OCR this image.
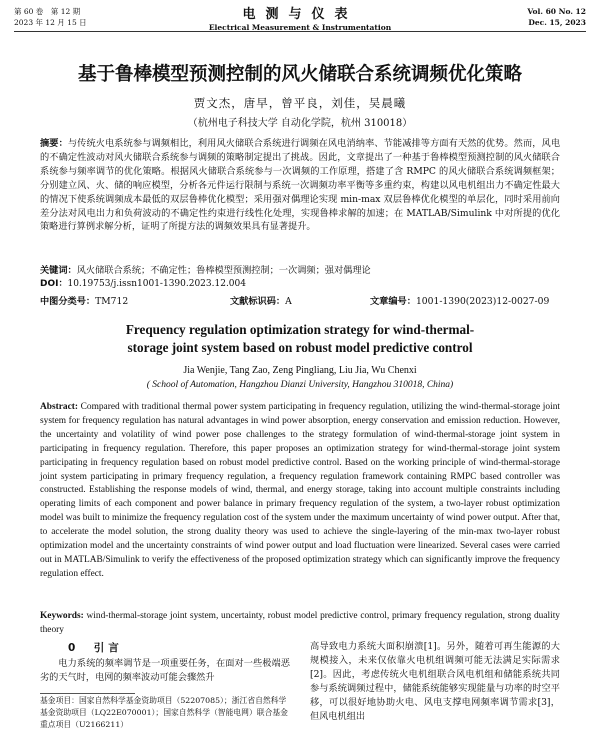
第 60 卷　第 12 期
2023 年 12 月 15 日
电测与仪表
Electrical Measurement & Instrumentation
Vol. 60 No. 12
Dec. 15, 2023
基于鲁棒模型预测控制的风火储联合系统调频优化策略
贾文杰，唐早，曾平良，刘佳，吴晨曦
（杭州电子科技大学 自动化学院，杭州 310018）
摘要：与传统火电系统参与调频相比，利用风火储联合系统进行调频在风电消纳率、节能减排等方面有天然的优势。然而，风电的不确定性波动对风火储联合系统参与调频的策略制定提出了挑战。因此，文章提出了一种基于鲁棒模型预测控制的风火储联合系统参与频率调节的优化策略。根据风火储联合系统参与一次调频的工作原理，搭建了含 RMPC 的风火储联合系统调频框架；分别建立风、火、储的响应模型，分析各元件运行限制与系统一次调频功率平衡等多重约束，构建以风电机组出力不确定性最大的情况下使系统调频成本最低的双层鲁棒优化模型；采用强对偶理论实现 min-max 双层鲁棒优化模型的单层化，同时采用前向差分法对风电出力和负荷波动的不确定性约束进行线性化处理，实现鲁棒求解的加速；在 MATLAB/Simulink 中对所提的优化策略进行算例求解分析，证明了所提方法的调频效果具有显著提升。
关键词：风火储联合系统；不确定性；鲁棒模型预测控制；一次调频；强对偶理论
DOI：10.19753/j.issn1001-1390.2023.12.004
中图分类号：TM712	文献标识码：A	文章编号：1001-1390(2023)12-0027-09
Frequency regulation optimization strategy for wind-thermal-storage joint system based on robust model predictive control
Jia Wenjie, Tang Zao, Zeng Pingliang, Liu Jia, Wu Chenxi
( School of Automation, Hangzhou Dianzi University, Hangzhou 310018, China)
Abstract: Compared with traditional thermal power system participating in frequency regulation, utilizing the wind-thermal-storage joint system for frequency regulation has natural advantages in wind power absorption, energy conservation and emission reduction. However, the uncertainty and volatility of wind power pose challenges to the strategy formulation of wind-thermal-storage joint system in participating in frequency regulation. Therefore, this paper proposes an optimization strategy for wind-thermal-storage joint system participating in frequency regulation based on robust model predictive control. Based on the working principle of wind-thermal-storage joint system participating in primary frequency regulation, a frequency regulation framework containing RMPC based controller was constructed. Establishing the response models of wind, thermal, and energy storage, taking into account multiple constraints including operating limits of each component and power balance in primary frequency regulation of the system, a two-layer robust optimization model was built to minimize the frequency regulation cost of the system under the maximum uncertainty of wind power output. After that, to accelerate the model solution, the strong duality theory was used to achieve the single-layering of the min-max two-layer robust optimization model and the uncertainty constraints of wind power output and load fluctuation were linearized. Several cases were carried out in MATLAB/Simulink to verify the effectiveness of the proposed optimization strategy which can significantly improve the frequency regulation effect.
Keywords: wind-thermal-storage joint system, uncertainty, robust model predictive control, primary frequency regulation, strong duality theory
0　引言
电力系统的频率调节是一项重要任务，在面对一些极端恶劣的天气时，电网的频率波动可能会骤然升
高导致电力系统大面积崩溃[1]。另外，随着可再生能源的大规模接入，未来仅依靠火电机组调频可能无法满足实际需求[2]。因此，考虑传统火电机组联合风电机组和储能系统共同参与系统调频过程中，储能系统能够实现能量与功率的时空平移，可以很好地协助火电、风电支撑电网频率调节需求[3]，但风电机组出
基金项目：国家自然科学基金资助项目（52207085）；浙江省自然科学基金资助项目（LQ22E070001）；国家自然科学（智能电网）联合基金重点项目（U2166211）
